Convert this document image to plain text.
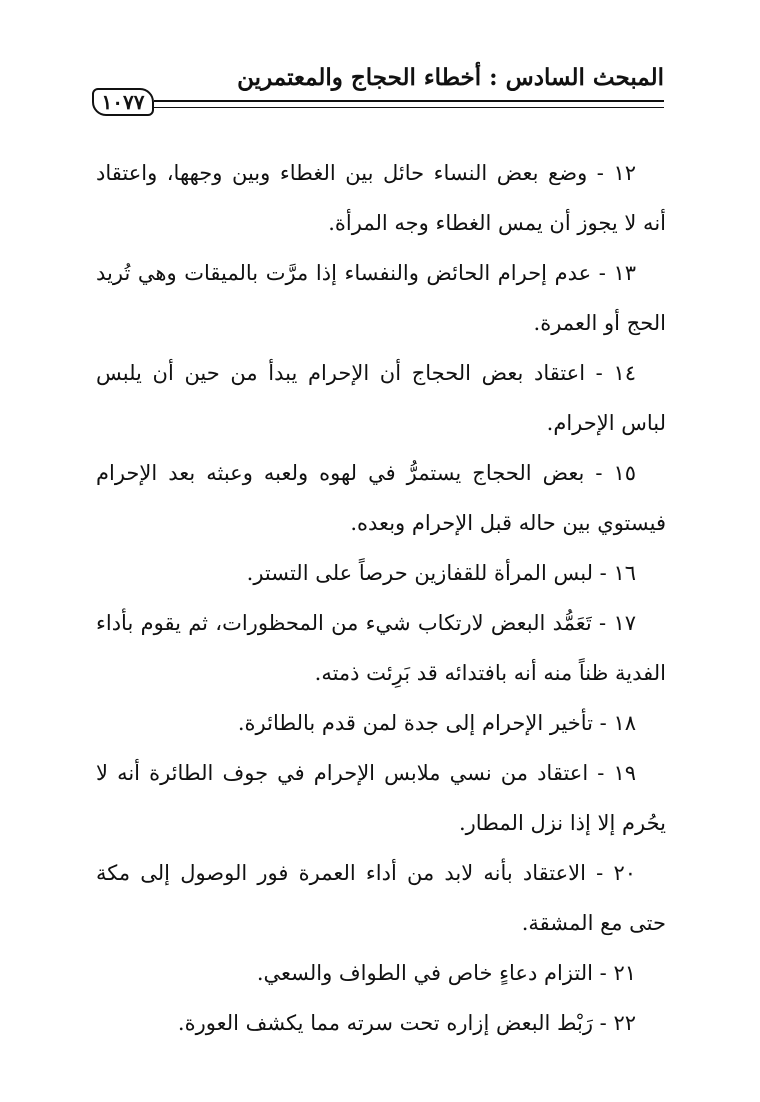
المبحث السادس : أخطاء الحجاج والمعتمرين
١٠٧٧

١٢ - وضع بعض النساء حائل بين الغطاء وبين وجهها، واعتقاد أنه لا يجوز أن يمس الغطاء وجه المرأة.

١٣ - عدم إحرام الحائض والنفساء إذا مرَّت بالميقات وهي تُريد الحج أو العمرة.

١٤ - اعتقاد بعض الحجاج أن الإحرام يبدأ من حين أن يلبس لباس الإحرام.

١٥ - بعض الحجاج يستمرُّ في لهوه ولعبه وعبثه بعد الإحرام فيستوي بين حاله قبل الإحرام وبعده.

١٦ - لبس المرأة للقفازين حرصاً على التستر.

١٧ - تَعَمُّد البعض لارتكاب شيء من المحظورات، ثم يقوم بأداء الفدية ظناً منه أنه بافتدائه قد بَرِئت ذمته.

١٨ - تأخير الإحرام إلى جدة لمن قدم بالطائرة.

١٩ - اعتقاد من نسي ملابس الإحرام في جوف الطائرة أنه لا يحُرم إلا إذا نزل المطار.

٢٠ - الاعتقاد بأنه لابد من أداء العمرة فور الوصول إلى مكة حتى مع المشقة.

٢١ - التزام دعاءٍ خاص في الطواف والسعي.

٢٢ - رَبْط البعض إزاره تحت سرته مما يكشف العورة.
